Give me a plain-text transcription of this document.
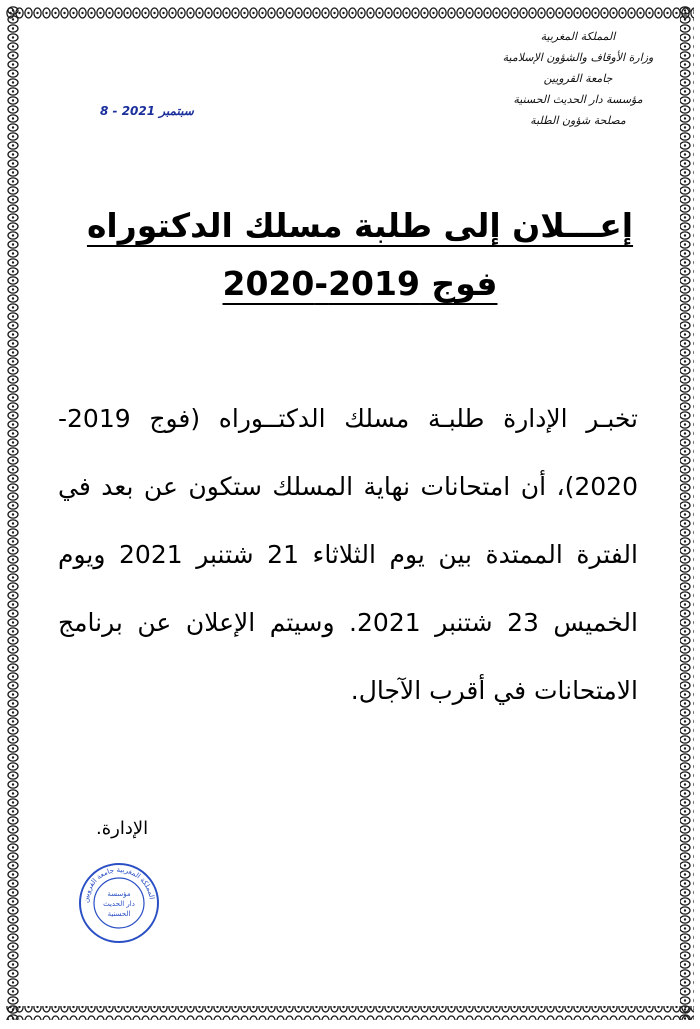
المملكة المغربية
وزارة الأوقاف والشؤون الإسلامية
جامعة القرويين
مؤسسة دار الحديث الحسنية
مصلحة شؤون الطلبة
8 - سبتمبر 2021
إعـــلان إلى طلبة مسلك الدكتوراه
فوج 2019-2020

تخبـر الإدارة طلبـة مسلك الدكتــوراه (فوج 2019-2020)، أن امتحانات نهاية المسلك ستكون عن بعد في الفترة الممتدة بين يوم الثلاثاء 21 شتنبر 2021 ويوم الخميس 23 شتنبر 2021. وسيتم الإعلان عن برنامج الامتحانات في أقرب الآجال.

الإدارة.
المملكة المغربية جامعة القرويين
مؤسسة
دار الحديث
الحسنية
